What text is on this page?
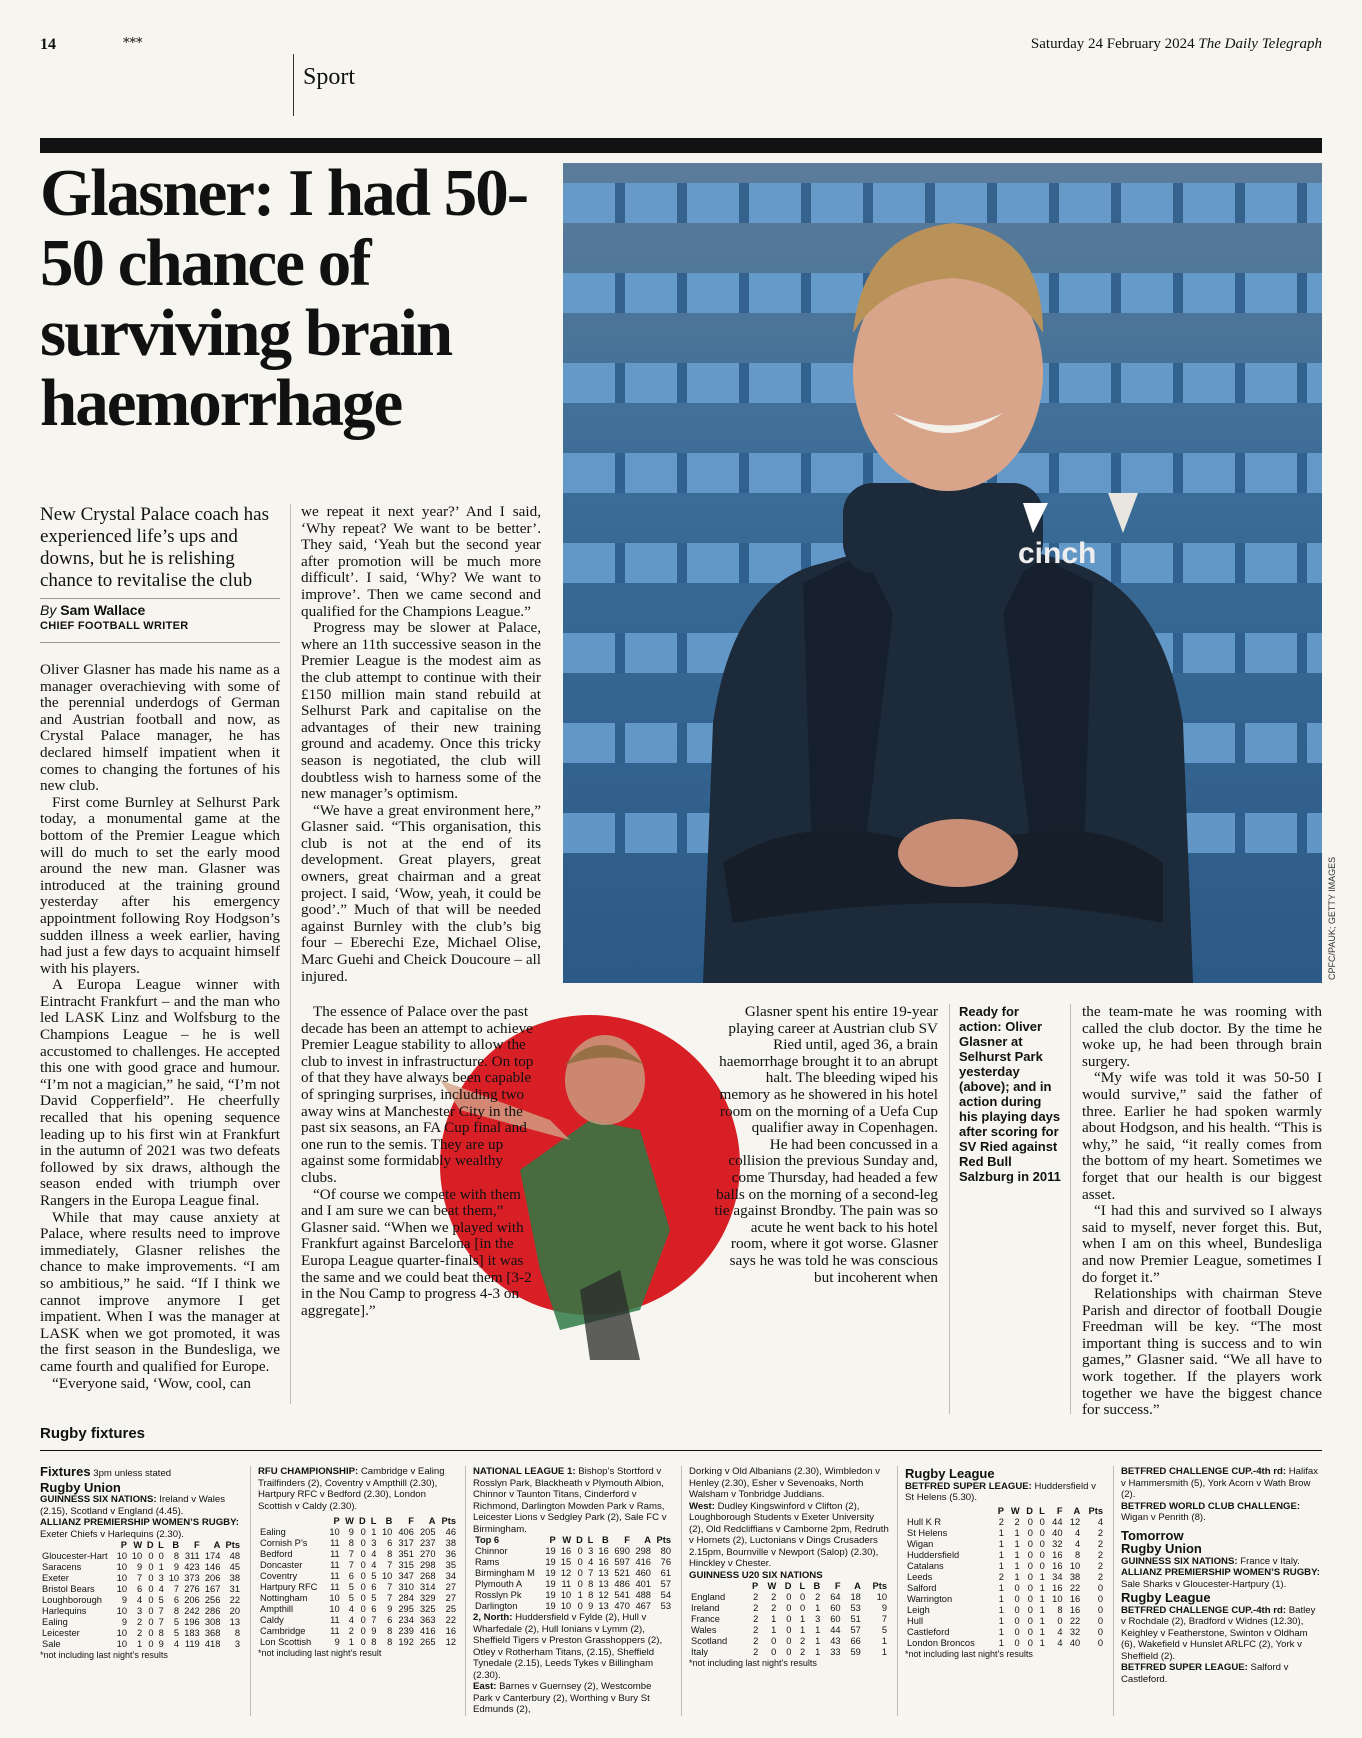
14	***	Saturday 24 February 2024 The Daily Telegraph
Sport
Glasner: I had 50-50 chance of surviving brain haemorrhage
cinch
CPFC/PAUK; GETTY IMAGES
New Crystal Palace coach has experienced life’s ups and downs, but he is relishing chance to revitalise the club
By Sam Wallace
CHIEF FOOTBALL WRITER

Oliver Glasner has made his name as a manager overachieving with some of the perennial underdogs of German and Austrian football and now, as Crystal Palace manager, he has declared himself impatient when it comes to changing the fortunes of his new club.

First come Burnley at Selhurst Park today, a monumental game at the bottom of the Premier League which will do much to set the early mood around the new man. Glasner was introduced at the training ground yesterday after his emergency appointment following Roy Hodgson’s sudden illness a week earlier, having had just a few days to acquaint himself with his players.

A Europa League winner with Eintracht Frankfurt – and the man who led LASK Linz and Wolfsburg to the Champions League – he is well accustomed to challenges. He accepted this one with good grace and humour. “I’m not a magician,” he said, “I’m not David Copperfield”. He cheerfully recalled that his opening sequence leading up to his first win at Frankfurt in the autumn of 2021 was two defeats followed by six draws, although the season ended with triumph over Rangers in the Europa League final.

While that may cause anxiety at Palace, where results need to improve immediately, Glasner relishes the chance to make improvements. “I am so ambitious,” he said. “If I think we cannot improve anymore I get impatient. When I was the manager at LASK when we got promoted, it was the first season in the Bundesliga, we came fourth and qualified for Europe.

“Everyone said, ‘Wow, cool, can

we repeat it next year?’ And I said, ‘Why repeat? We want to be better’. They said, ‘Yeah but the second year after promotion will be much more difficult’. I said, ‘Why? We want to improve’. Then we came second and qualified for the Champions League.”

Progress may be slower at Palace, where an 11th successive season in the Premier League is the modest aim as the club attempt to continue with their £150 million main stand rebuild at Selhurst Park and capitalise on the advantages of their new training ground and academy. Once this tricky season is negotiated, the club will doubtless wish to harness some of the new manager’s optimism.

“We have a great environment here,” Glasner said. “This organisation, this club is not at the end of its development. Great players, great owners, great chairman and a great project. I said, ‘Wow, yeah, it could be good’.” Much of that will be needed against Burnley with the club’s big four – Eberechi Eze, Michael Olise, Marc Guehi and Cheick Doucoure – all injured.

The essence of Palace over the past decade has been an attempt to achieve Premier League stability to allow the club to invest in infrastructure. On top of that they have always been capable of springing surprises, including two away wins at Manchester City in the past six seasons, an FA Cup final and one run to the semis. They are up against some formidably wealthy clubs.

“Of course we compete with them and I am sure we can beat them,” Glasner said. “When we played with Frankfurt against Barcelona [in the Europa League quarter-finals] it was the same and we could beat them [3-2 in the Nou Camp to progress 4-3 on aggregate].”

Glasner spent his entire 19-year playing career at Austrian club SV Ried until, aged 36, a brain haemorrhage brought it to an abrupt halt. The bleeding wiped his memory as he showered in his hotel room on the morning of a Uefa Cup qualifier away in Copenhagen.

He had been concussed in a collision the previous Sunday and, come Thursday, had headed a few balls on the morning of a second-leg tie against Brondby. The pain was so acute he went back to his hotel room, where it got worse. Glasner says he was told he was conscious but incoherent when

Ready for action: Oliver Glasner at Selhurst Park yesterday (above); and in action during his playing days after scoring for SV Ried against Red Bull Salzburg in 2011

the team-mate he was rooming with called the club doctor. By the time he woke up, he had been through brain surgery.

“My wife was told it was 50-50 I would survive,” said the father of three. Earlier he had spoken warmly about Hodgson, and his health. “This is why,” he said, “it really comes from the bottom of my heart. Sometimes we forget that our health is our biggest asset.

“I had this and survived so I always said to myself, never forget this. But, when I am on this wheel, Bundesliga and now Premier League, sometimes I do forget it.”

Relationships with chairman Steve Parish and director of football Dougie Freedman will be key. “The most important thing is success and to win games,” Glasner said. “We all have to work together. If the players work together we have the biggest chance for success.”

Rugby fixtures
Fixtures 3pm unless stated
Rugby Union
GUINNESS SIX NATIONS: Ireland v Wales (2.15), Scotland v England (4.45).
ALLIANZ PREMIERSHIP WOMEN’S RUGBY: Exeter Chiefs v Harlequins (2.30).
	P	W	D	L	B	F	A	Pts
Gloucester-Hart	10	10	0	0	8	311	174	48
Saracens	10	9	0	1	9	423	146	45
Exeter	10	7	0	3	10	373	206	38
Bristol Bears	10	6	0	4	7	276	167	31
Loughborough	9	4	0	5	6	206	256	22
Harlequins	10	3	0	7	8	242	286	20
Ealing	9	2	0	7	5	196	308	13
Leicester	10	2	0	8	5	183	368	8
Sale	10	1	0	9	4	119	418	3
*not including last night’s results
RFU CHAMPIONSHIP: Cambridge v Ealing Trailfinders (2), Coventry v Ampthill (2.30), Hartpury RFC v Bedford (2.30), London Scottish v Caldy (2.30).
	P	W	D	L	B	F	A	Pts
Ealing	10	9	0	1	10	406	205	46
Cornish P’s	11	8	0	3	6	317	237	38
Bedford	11	7	0	4	8	351	270	36
Doncaster	11	7	0	4	7	315	298	35
Coventry	11	6	0	5	10	347	268	34
Hartpury RFC	11	5	0	6	7	310	314	27
Nottingham	10	5	0	5	7	284	329	27
Ampthill	10	4	0	6	9	295	325	25
Caldy	11	4	0	7	6	234	363	22
Cambridge	11	2	0	9	8	239	416	16
Lon Scottish	9	1	0	8	8	192	265	12
*not including last night’s result
NATIONAL LEAGUE 1: Bishop’s Stortford v Rosslyn Park, Blackheath v Plymouth Albion, Chinnor v Taunton Titans, Cinderford v Richmond, Darlington Mowden Park v Rams, Leicester Lions v Sedgley Park (2), Sale FC v Birmingham.
Top 6	P	W	D	L	B	F	A	Pts
Chinnor	19	16	0	3	16	690	298	80
Rams	19	15	0	4	16	597	416	76
Birmingham M	19	12	0	7	13	521	460	61
Plymouth A	19	11	0	8	13	486	401	57
Rosslyn Pk	19	10	1	8	12	541	488	54
Darlington	19	10	0	9	13	470	467	53
2, North: Huddersfield v Fylde (2), Hull v Wharfedale (2), Hull Ionians v Lymm (2), Sheffield Tigers v Preston Grasshoppers (2), Otley v Rotherham Titans, (2.15), Sheffield Tynedale (2.15), Leeds Tykes v Billingham (2.30).
East: Barnes v Guernsey (2), Westcombe Park v Canterbury (2), Worthing v Bury St Edmunds (2),
Dorking v Old Albanians (2.30), Wimbledon v Henley (2.30), Esher v Sevenoaks, North Walsham v Tonbridge Juddians.
West: Dudley Kingswinford v Clifton (2), Loughborough Students v Exeter University (2), Old Redcliffians v Camborne 2pm, Redruth v Hornets (2), Luctonians v Dings Crusaders 2.15pm, Bournville v Newport (Salop) (2.30), Hinckley v Chester.
GUINNESS U20 SIX NATIONS
	P	W	D	L	B	F	A	Pts
England	2	2	0	0	2	64	18	10
Ireland	2	2	0	0	1	60	53	9
France	2	1	0	1	3	60	51	7
Wales	2	1	0	1	1	44	57	5
Scotland	2	0	0	2	1	43	66	1
Italy	2	0	0	2	1	33	59	1
*not including last night’s results
Rugby League
BETFRED SUPER LEAGUE: Huddersfield v St Helens (5.30).
	P	W	D	L	F	A	Pts
Hull K R	2	2	0	0	44	12	4
St Helens	1	1	0	0	40	4	2
Wigan	1	1	0	0	32	4	2
Huddersfield	1	1	0	0	16	8	2
Catalans	1	1	0	0	16	10	2
Leeds	2	1	0	1	34	38	2
Salford	1	0	0	1	16	22	0
Warrington	1	0	0	1	10	16	0
Leigh	1	0	0	1	8	16	0
Hull	1	0	0	1	0	22	0
Castleford	1	0	0	1	4	32	0
London Broncos	1	0	0	1	4	40	0
*not including last night’s results
BETFRED CHALLENGE CUP.-4th rd: Halifax v Hammersmith (5), York Acorn v Wath Brow (2).
BETFRED WORLD CLUB CHALLENGE: Wigan v Penrith (8).
Tomorrow
Rugby Union
GUINNESS SIX NATIONS: France v Italy.
ALLIANZ PREMIERSHIP WOMEN’S RUGBY: Sale Sharks v Gloucester-Hartpury (1).
Rugby League
BETFRED CHALLENGE CUP.-4th rd: Batley v Rochdale (2), Bradford v Widnes (12.30), Keighley v Featherstone, Swinton v Oldham (6), Wakefield v Hunslet ARLFC (2), York v Sheffield (2).
BETFRED SUPER LEAGUE: Salford v Castleford.
